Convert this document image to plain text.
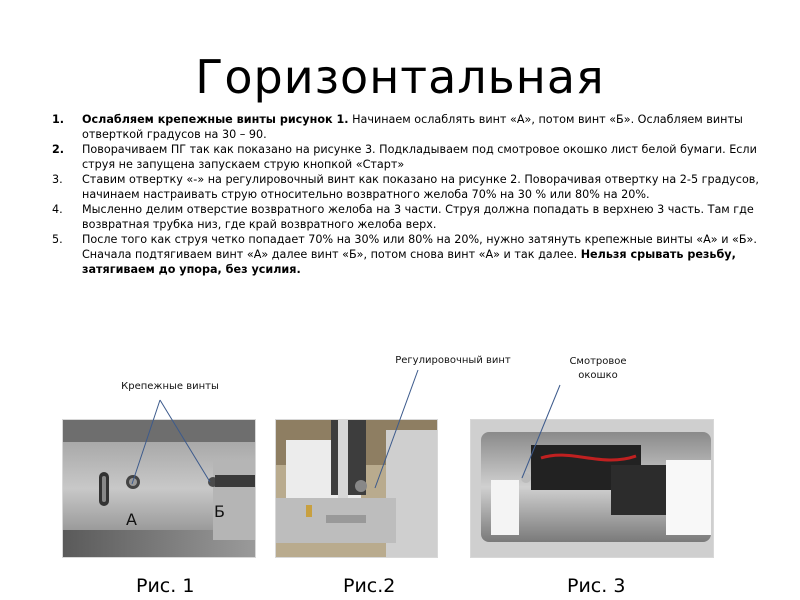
Горизонтальная
1. Ослабляем крепежные винты рисунок 1. Начинаем ослаблять винт «А», потом винт «Б». Ослабляем винты отверткой градусов на 30 – 90.
2. Поворачиваем ПГ так как показано на рисунке 3. Подкладываем под смотровое окошко лист белой бумаги. Если струя не запущена запускаем струю кнопкой «Старт»
3. Ставим отвертку «-» на регулировочный винт как показано на рисунке 2. Поворачивая отвертку на 2-5 градусов, начинаем настраивать струю относительно возвратного желоба 70% на 30 % или 80% на 20%.
4. Мысленно делим отверстие возвратного желоба на 3 части. Струя должна попадать в верхнею 3 часть. Там где возвратная трубка низ, где край возвратного желоба верх.
5. После того как струя четко попадает 70% на 30% или 80% на 20%, нужно затянуть крепежные винты «А» и «Б». Сначала подтягиваем винт «А» далее винт «Б», потом снова винт «А» и так далее. Нельзя срывать резьбу, затягиваем до упора, без усилия.
Крепежные винты
Регулировочный винт	Смотровое
окошко
А	Б
Рис. 1	Рис.2	Рис. 3
